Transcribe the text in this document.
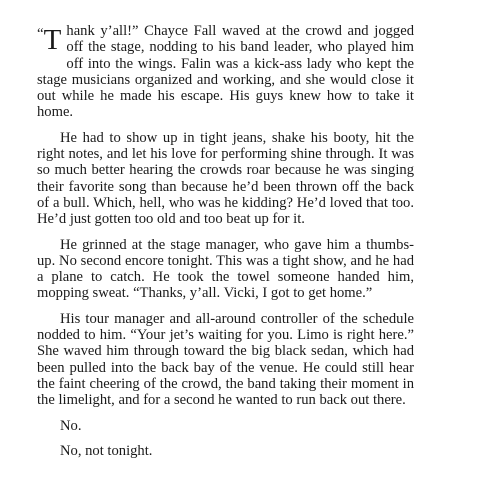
“T hank y’all!” Chayce Fall waved at the crowd and jogged off the stage, nodding to his band leader, who played him off into the wings. Falin was a kick-ass lady who kept the stage musicians organized and working, and she would close it out while he made his escape. His guys knew how to take it home.

He had to show up in tight jeans, shake his booty, hit the right notes, and let his love for performing shine through. It was so much better hearing the crowds roar because he was singing their favorite song than because he’d been thrown off the back of a bull. Which, hell, who was he kidding? He’d loved that too. He’d just gotten too old and too beat up for it.

He grinned at the stage manager, who gave him a thumbs-up. No second encore tonight. This was a tight show, and he had a plane to catch. He took the towel someone handed him, mopping sweat. “Thanks, y’all. Vicki, I got to get home.”

His tour manager and all-around controller of the schedule nodded to him. “Your jet’s waiting for you. Limo is right here.” She waved him through toward the big black sedan, which had been pulled into the back bay of the venue. He could still hear the faint cheering of the crowd, the band taking their moment in the limelight, and for a second he wanted to run back out there.

No.

No, not tonight.
